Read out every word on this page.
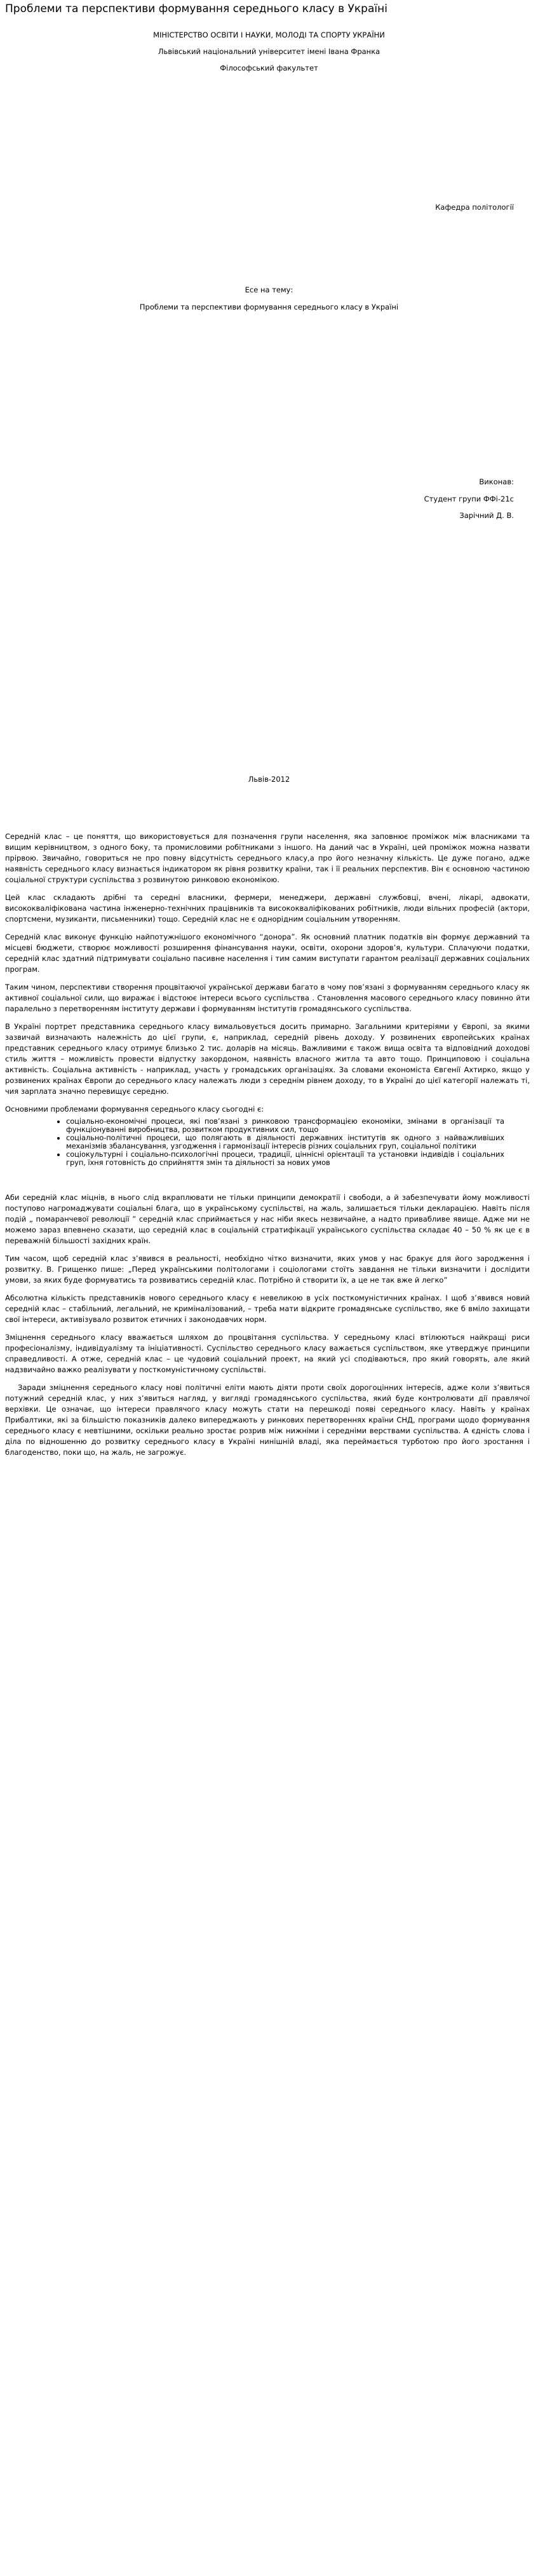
Проблеми та перспективи формування середнього класу в Україні
МІНІСТЕРСТВО ОСВІТИ І НАУКИ, МОЛОДІ ТА СПОРТУ УКРАЇНИ
Львівський національний університет імені Івана Франка
Філософський факультет
Кафедра політології
Есе на тему:
Проблеми та перспективи формування середнього класу в Україні
Виконав:
Студент групи ФФі-21с
Зарічний Д. В.
Львів-2012

Середній клас – це поняття, що використовується для позначення групи населення, яка заповнює проміжок між власниками та вищим керівництвом, з одного боку, та промисловими робітниками з іншого. На даний час в Україні, цей проміжок можна назвати прірвою. Звичайно, говориться не про повну відсутність середнього класу,а про його незначну кількість. Це дуже погано, адже наявність середнього класу визнається індикатором як рівня розвитку країни, так і її реальних перспектив. Він є основною частиною соціальної структури суспільства з розвинутою ринковою економікою.

Цей клас складають дрібні та середні власники, фермери, менеджери, державні службовці, вчені, лікарі, адвокати, висококваліфікована частина інженерно-технічних працівників та висококваліфікованих робітників, люди вільних професій (актори, спортсмени, музиканти, письменники) тощо. Середній клас не є однорідним соціальним утворенням.

Середній клас виконує функцію найпотужнішого економічного “донора”. Як основний платник податків він формує державний та місцеві бюджети, створює можливості розширення фінансування науки, освіти, охорони здоров’я, культури. Сплачуючи податки, середній клас здатний підтримувати соціально пасивне населення і тим самим виступати гарантом реалізації державних соціальних програм.

Таким чином, перспективи створення процвітаючої української держави багато в чому пов’язані з формуванням середнього класу як активної соціальної сили, що виражає і відстоює інтереси всього суспільства . Становлення масового середнього класу повинно йти паралельно з перетворенням інституту держави і формуванням інститутів громадянського суспільства.

В Україні портрет представника середнього класу вимальовується досить примарно. Загальними критеріями у Європі, за якими зазвичай визначають належність до цієї групи, є, наприклад, середній рівень доходу. У розвинених європейських країнах представник середнього класу отримує близько 2 тис. доларів на місяць. Важливими є також вища освіта та відповідний доходові стиль життя – можливість провести відпустку закордоном, наявність власного житла та авто тощо. Принциповою і соціальна активність. Соціальна активність - наприклад, участь у громадських організаціях. За словами економіста Євгенії Ахтирко, якщо у розвинених країнах Європи до середнього класу належать люди з середнім рівнем доходу, то в Україні до цієї категорії належать ті, чия зарплата значно перевищує середню.

Основними проблемами формування середнього класу сьогодні є:

• соціально-економічні процеси, які пов’язані з ринковою трансформацією економіки, змінами в організації та функціонуванні виробництва, розвитком продуктивних сил, тощо
• соціально-політичні процеси, що полягають в діяльності державних інститутів як одного з найважливіших механізмів збалансування, узгодження і гармонізації інтересів різних соціальних груп, соціальної політики
• соціокультурні і соціально-психологічні процеси, традиції, ціннісні орієнтації та установки індивідів і соціальних груп, їхня готовність до сприйняття змін та діяльності за нових умов

Аби середній клас міцнів, в нього слід вкраплювати не тільки принципи демократії і свободи, а й забезпечувати йому можливості поступово нагромаджувати соціальні блага, що в українському суспільстві, на жаль, залишається тільки декларацією. Навіть після подій „ помаранчевої революції ” середній клас сприймається у нас ніби якесь незвичайне, а надто привабливе явище. Адже ми не можемо зараз впевнено сказати, що середній клас в соціальній стратифікації українського суспільства складає 40 – 50 % як це є в переважній більшості західних країн.

Тим часом, щоб середній клас з’явився в реальності, необхідно чітко визначити, яких умов у нас бракує для його зародження і розвитку. В. Грищенко пише: „Перед українськими політологами і соціологами стоїть завдання не тільки визначити і дослідити умови, за яких буде формуватись та розвиватись середній клас. Потрібно й створити їх, а це не так вже й легко”

Абсолютна кількість представників нового середнього класу є невеликою в усіх посткомуністичних країнах. І щоб з’явився новий середній клас – стабільний, легальний, не криміналізований, – треба мати відкрите громадянське суспільство, яке б вміло захищати свої інтереси, активізувало розвиток етичних і законодавчих норм.

Зміцнення середнього класу вважається шляхом до процвітання суспільства. У середньому класі втілюються найкращі риси професіоналізму, індивідуалізму та ініціативності. Суспільство середнього класу важається суспільством, яке утверджує принципи справедливості. А отже, середній клас – це чудовий соціальний проект, на який усі сподіваються, про який говорять, але який надзвичайно важко реалізувати у посткомуністичному суспільстві.

Заради зміцнення середнього класу нові політичні еліти мають діяти проти своїх дорогоцінних інтересів, адже коли з’явиться потужний середній клас, у них з’явиться нагляд, у вигляді громадянського суспільства, який буде контролювати дії правлячої верхівки. Це означає, що інтереси правлячого класу можуть стати на перешкоді появі середнього класу. Навіть у країнах Прибалтики, які за більшістю показників далеко випереджають у ринкових перетвореннях країни СНД, програми щодо формування середнього класу є невтішними, оскільки реально зростає розрив між нижніми і середніми верствами суспільства. А єдність слова і діла по відношенню до розвитку середнього класу в Україні нинішній владі, яка переймається турботою про його зростання і благоденство, поки що, на жаль, не загрожує.
